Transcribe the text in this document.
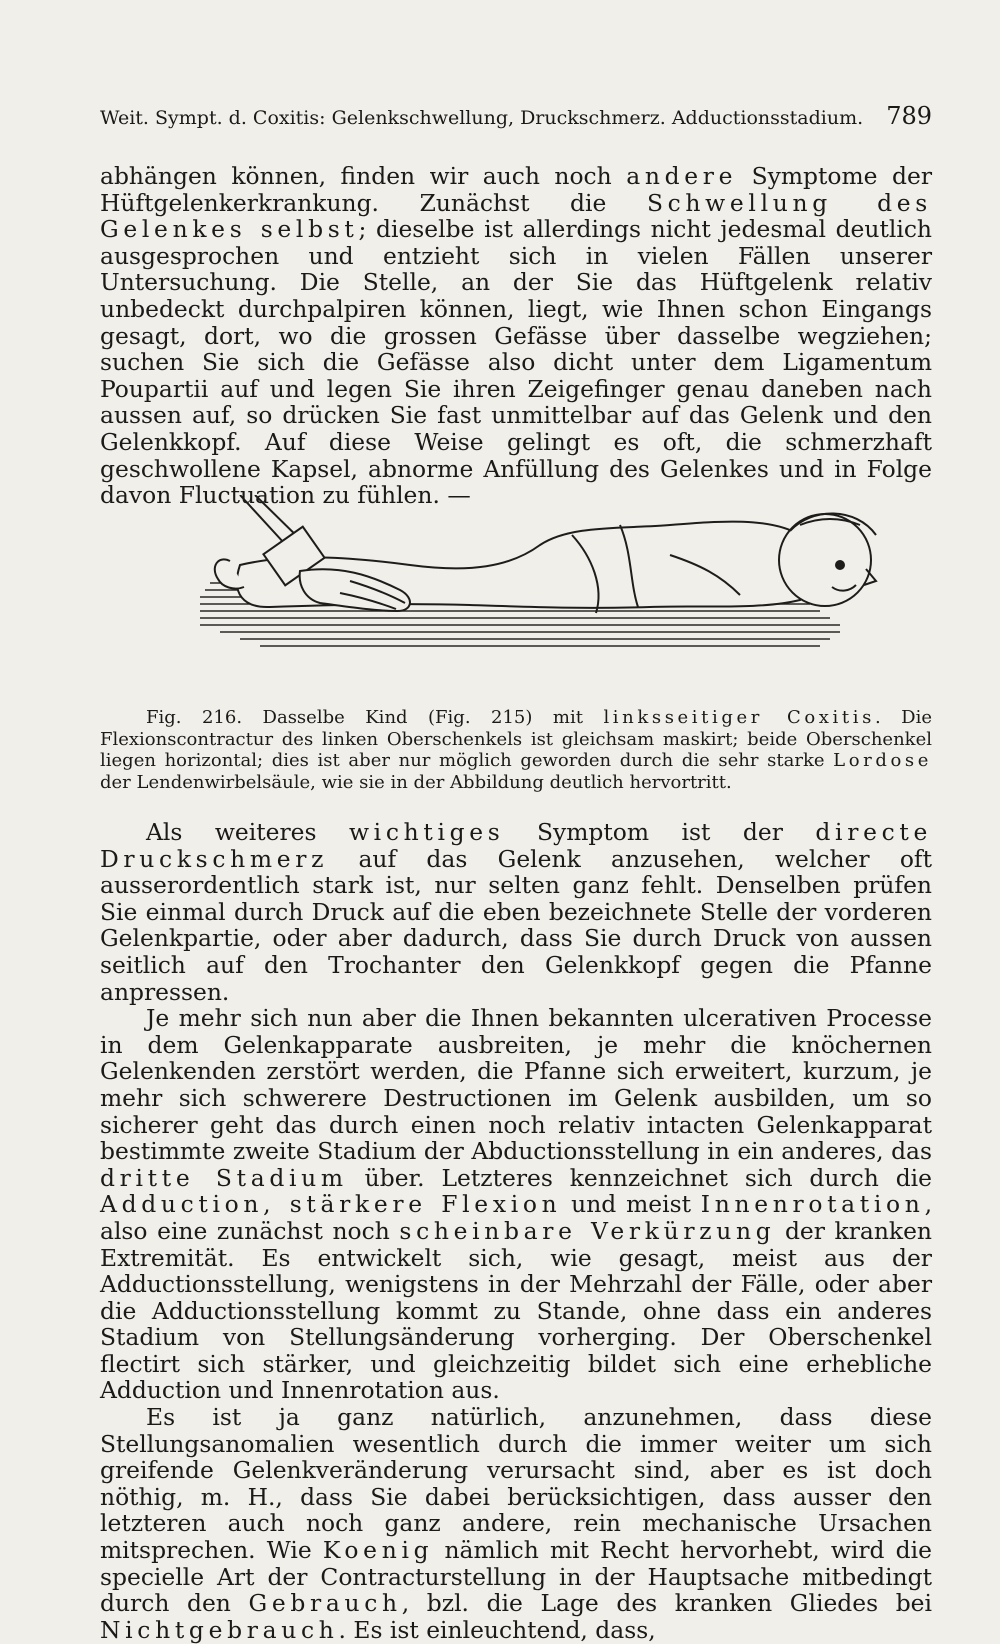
Weit. Sympt. d. Coxitis: Gelenkschwellung, Druckschmerz. Adductionsstadium. 789

abhängen können, finden wir auch noch andere Symptome der Hüftgelenkerkrankung. Zunächst die Schwellung des Gelenkes selbst; dieselbe ist allerdings nicht jedesmal deutlich ausgesprochen und entzieht sich in vielen Fällen unserer Untersuchung. Die Stelle, an der Sie das Hüftgelenk relativ unbedeckt durchpalpiren können, liegt, wie Ihnen schon Eingangs gesagt, dort, wo die grossen Gefässe über dasselbe wegziehen; suchen Sie sich die Gefässe also dicht unter dem Ligamentum Poupartii auf und legen Sie ihren Zeigefinger genau daneben nach aussen auf, so drücken Sie fast unmittelbar auf das Gelenk und den Gelenkkopf. Auf diese Weise gelingt es oft, die schmerzhaft geschwollene Kapsel, abnorme Anfüllung des Gelenkes und in Folge davon Fluctuation zu fühlen. —

Fig. 216. Dasselbe Kind (Fig. 215) mit linksseitiger Coxitis. Die Flexionscontractur des linken Oberschenkels ist gleichsam maskirt; beide Oberschenkel liegen horizontal; dies ist aber nur möglich geworden durch die sehr starke Lordose der Lendenwirbelsäule, wie sie in der Abbildung deutlich hervortritt.

Als weiteres wichtiges Symptom ist der directe Druckschmerz auf das Gelenk anzusehen, welcher oft ausserordentlich stark ist, nur selten ganz fehlt. Denselben prüfen Sie einmal durch Druck auf die eben bezeichnete Stelle der vorderen Gelenkpartie, oder aber dadurch, dass Sie durch Druck von aussen seitlich auf den Trochanter den Gelenkkopf gegen die Pfanne anpressen.

Je mehr sich nun aber die Ihnen bekannten ulcerativen Processe in dem Gelenkapparate ausbreiten, je mehr die knöchernen Gelenkenden zerstört werden, die Pfanne sich erweitert, kurzum, je mehr sich schwerere Destructionen im Gelenk ausbilden, um so sicherer geht das durch einen noch relativ intacten Gelenkapparat bestimmte zweite Stadium der Abductionsstellung in ein anderes, das dritte Stadium über. Letzteres kennzeichnet sich durch die Adduction, stärkere Flexion und meist Innenrotation, also eine zunächst noch scheinbare Verkürzung der kranken Extremität. Es entwickelt sich, wie gesagt, meist aus der Adductionsstellung, wenigstens in der Mehrzahl der Fälle, oder aber die Adductionsstellung kommt zu Stande, ohne dass ein anderes Stadium von Stellungsänderung vorherging. Der Oberschenkel flectirt sich stärker, und gleichzeitig bildet sich eine erhebliche Adduction und Innenrotation aus.

Es ist ja ganz natürlich, anzunehmen, dass diese Stellungsanomalien wesentlich durch die immer weiter um sich greifende Gelenkveränderung verursacht sind, aber es ist doch nöthig, m. H., dass Sie dabei berücksichtigen, dass ausser den letzteren auch noch ganz andere, rein mechanische Ursachen mitsprechen. Wie Koenig nämlich mit Recht hervorhebt, wird die specielle Art der Contracturstellung in der Hauptsache mitbedingt durch den Gebrauch, bzl. die Lage des kranken Gliedes bei Nichtgebrauch. Es ist einleuchtend, dass,
